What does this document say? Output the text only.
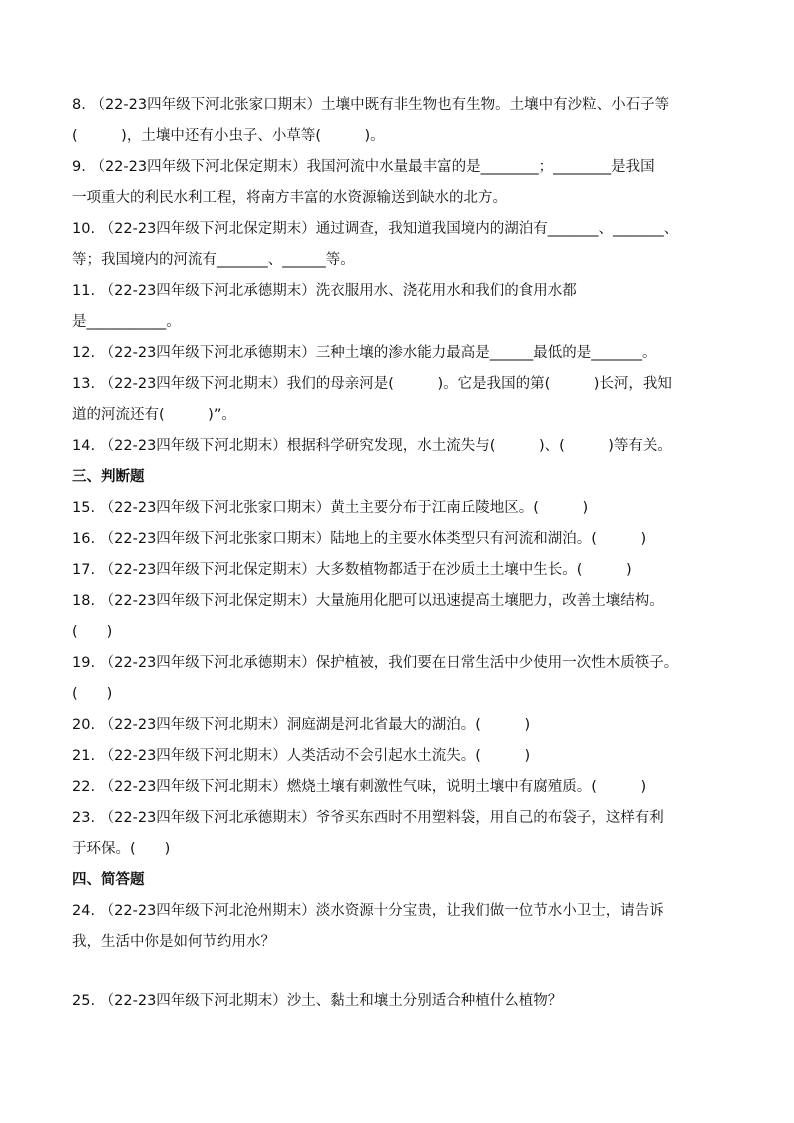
8. （22-23四年级下河北张家口期末）土壤中既有非生物也有生物。土壤中有沙粒、小石子等
(　　　)，土壤中还有小虫子、小草等(　　　)。
9. （22-23四年级下河北保定期末）我国河流中水量最丰富的是________；________是我国
一项重大的利民水利工程，将南方丰富的水资源输送到缺水的北方。
10. （22-23四年级下河北保定期末）通过调查，我知道我国境内的湖泊有_______、_______、
等；我国境内的河流有_______、______等。
11. （22-23四年级下河北承德期末）洗衣服用水、浇花用水和我们的食用水都
是___________。
12. （22-23四年级下河北承德期末）三种土壤的渗水能力最高是______最低的是_______。
13. （22-23四年级下河北期末）我们的母亲河是(　　　)。它是我国的第(　　　)长河，我知
道的河流还有(　　　)”。
14. （22-23四年级下河北期末）根据科学研究发现，水土流失与(　　　)、(　　　)等有关。
三、判断题
15. （22-23四年级下河北张家口期末）黄土主要分布于江南丘陵地区。(　　　)
16. （22-23四年级下河北张家口期末）陆地上的主要水体类型只有河流和湖泊。(　　　)
17. （22-23四年级下河北保定期末）大多数植物都适于在沙质土土壤中生长。(　　　)
18. （22-23四年级下河北保定期末）大量施用化肥可以迅速提高土壤肥力，改善土壤结构。
(　　)
19. （22-23四年级下河北承德期末）保护植被，我们要在日常生活中少使用一次性木质筷子。
(　　)
20. （22-23四年级下河北期末）洞庭湖是河北省最大的湖泊。(　　　)
21. （22-23四年级下河北期末）人类活动不会引起水土流失。(　　　)
22. （22-23四年级下河北期末）燃烧土壤有刺激性气味，说明土壤中有腐殖质。(　　　)
23. （22-23四年级下河北承德期末）爷爷买东西时不用塑料袋，用自己的布袋子，这样有利
于环保。(　　)
四、简答题
24. （22-23四年级下河北沧州期末）淡水资源十分宝贵，让我们做一位节水小卫士，请告诉
我，生活中你是如何节约用水？
25. （22-23四年级下河北期末）沙土、黏土和壤土分别适合种植什么植物？
